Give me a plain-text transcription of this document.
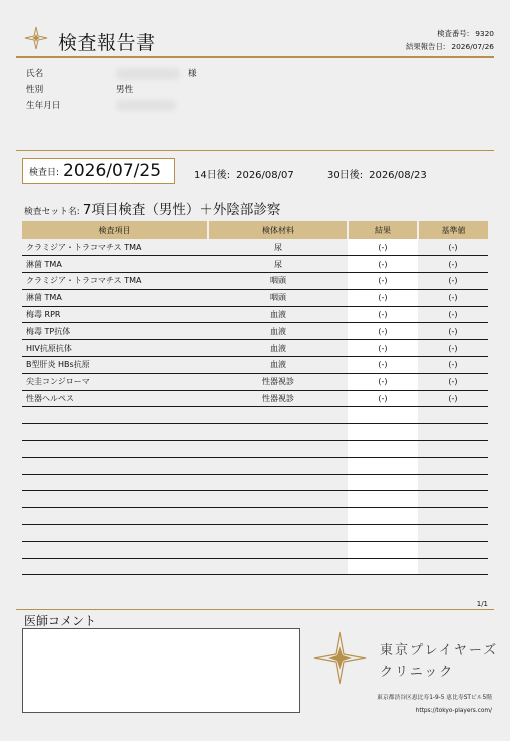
検査報告書	検査番号: 9320
結果報告日: 2026/07/26
氏名	様
性別	男性
生年月日
検査日: 2026/07/25	14日後: 2026/08/07	30日後: 2026/08/23
検査セット名: 7項目検査（男性）＋外陰部診察
検査項目	検体材料	結果	基準値
クラミジア・トラコマチス TMA	尿	(-)	(-)
淋菌 TMA	尿	(-)	(-)
クラミジア・トラコマチス TMA	咽頭	(-)	(-)
淋菌 TMA	咽頭	(-)	(-)
梅毒 RPR	血液	(-)	(-)
梅毒 TP抗体	血液	(-)	(-)
HIV抗原抗体	血液	(-)	(-)
B型肝炎 HBs抗原	血液	(-)	(-)
尖圭コンジローマ	性器視診	(-)	(-)
性器ヘルペス	性器視診	(-)	(-)

1/1
医師コメント
東京プレイヤーズ
クリニック
東京都渋谷区恵比寿1-9-5 恵比寿STビル5階
https://tokyo-players.com/
